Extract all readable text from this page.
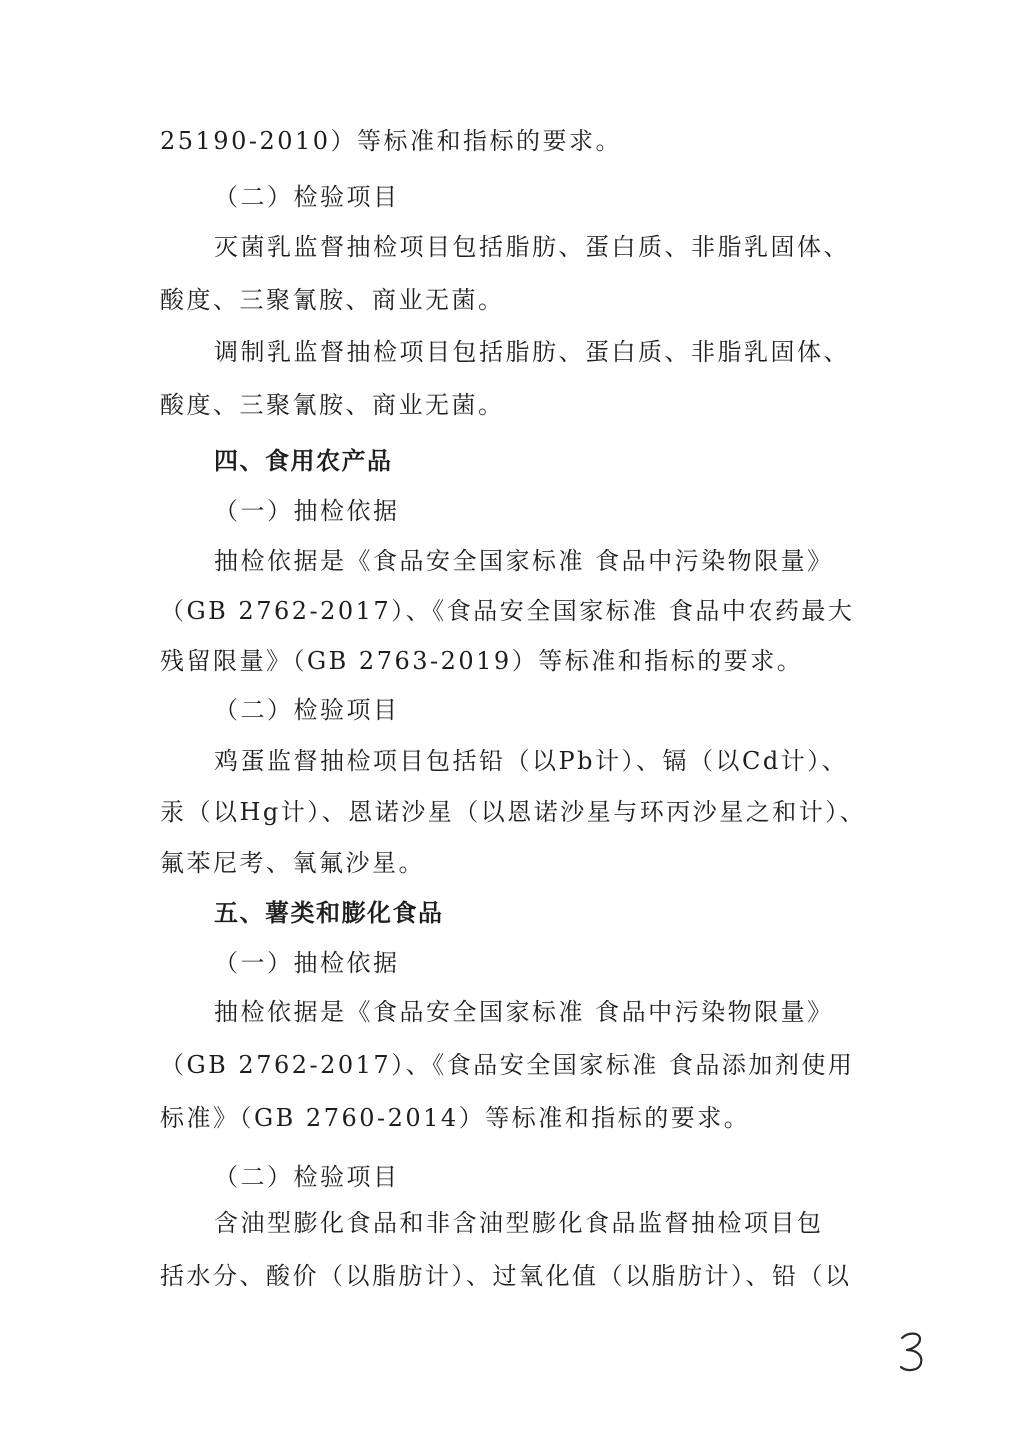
25190-2010）等标准和指标的要求。
（二）检验项目
灭菌乳监督抽检项目包括脂肪、蛋白质、非脂乳固体、
酸度、三聚氰胺、商业无菌。
调制乳监督抽检项目包括脂肪、蛋白质、非脂乳固体、
酸度、三聚氰胺、商业无菌。
四、食用农产品
（一）抽检依据
抽检依据是《食品安全国家标准 食品中污染物限量》
（GB 2762-2017）、《食品安全国家标准 食品中农药最大
残留限量》（GB 2763-2019）等标准和指标的要求。
（二）检验项目
鸡蛋监督抽检项目包括铅（以Pb计）、镉（以Cd计）、
汞（以Hg计）、恩诺沙星（以恩诺沙星与环丙沙星之和计）、
氟苯尼考、氧氟沙星。
五、薯类和膨化食品
（一）抽检依据
抽检依据是《食品安全国家标准 食品中污染物限量》
（GB 2762-2017）、《食品安全国家标准 食品添加剂使用
标准》（GB 2760-2014）等标准和指标的要求。
（二）检验项目
含油型膨化食品和非含油型膨化食品监督抽检项目包
括水分、酸价（以脂肪计）、过氧化值（以脂肪计）、铅（以
